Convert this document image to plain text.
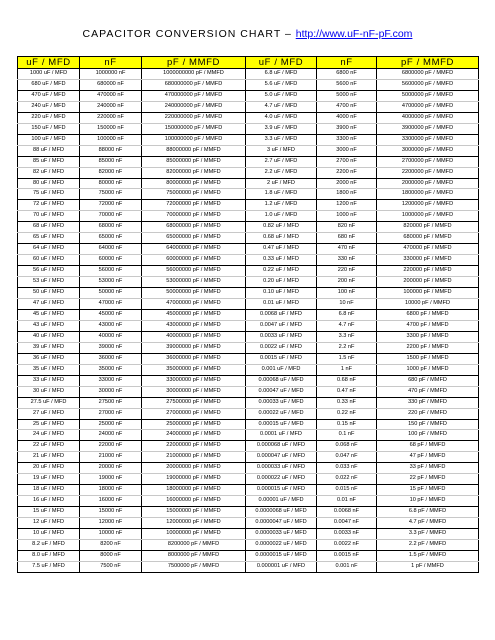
CAPACITOR CONVERSION CHART – http://www.uF-nF-pF.com
uF / MFD	nF	pF / MMFD	uF / MFD	nF	pF / MMFD
1000 uF / MFD	1000000 nF	1000000000 pF / MMFD	6.8 uF / MFD	6800 nF	6800000 pF / MMFD
680 uF / MFD	680000 nF	680000000 pF / MMFD	5.6 uF / MFD	5600 nF	5600000 pF / MMFD
470 uF / MFD	470000 nF	470000000 pF / MMFD	5.0 uF / MFD	5000 nF	5000000 pF / MMFD
240 uF / MFD	240000 nF	240000000 pF / MMFD	4.7 uF / MFD	4700 nF	4700000 pF / MMFD
220 uF / MFD	220000 nF	220000000 pF / MMFD	4.0 uF / MFD	4000 nF	4000000 pF / MMFD
150 uF / MFD	150000 nF	150000000 pF / MMFD	3.9 uF / MFD	3900 nF	3900000 pF / MMFD
100 uF / MFD	100000 nF	100000000 pF / MMFD	3.3 uF / MFD	3300 nF	3300000 pF / MMFD
88 uF / MFD	88000 nF	88000000 pF / MMFD	3 uF / MFD	3000 nF	3000000 pF / MMFD
85 uF / MFD	85000 nF	85000000 pF / MMFD	2.7 uF / MFD	2700 nF	2700000 pF / MMFD
82 uF / MFD	82000 nF	82000000 pF / MMFD	2.2 uF / MFD	2200 nF	2200000 pF / MMFD
80 uF / MFD	80000 nF	80000000 pF / MMFD	2 uF / MFD	2000 nF	2000000 pF / MMFD
75 uF / MFD	75000 nF	75000000 pF / MMFD	1.8 uF / MFD	1800 nF	1800000 pF / MMFD
72 uF / MFD	72000 nF	72000000 pF / MMFD	1.2 uF / MFD	1200 nF	1200000 pF / MMFD
70 uF / MFD	70000 nF	70000000 pF / MMFD	1.0 uF / MFD	1000 nF	1000000 pF / MMFD
68 uF / MFD	68000 nF	68000000 pF / MMFD	0.82 uF / MFD	820 nF	820000 pF / MMFD
65 uF / MFD	65000 nF	65000000 pF / MMFD	0.68 uF / MFD	680 nF	680000 pF / MMFD
64 uF / MFD	64000 nF	64000000 pF / MMFD	0.47 uF / MFD	470 nF	470000 pF / MMFD
60 uF / MFD	60000 nF	60000000 pF / MMFD	0.33 uF / MFD	330 nF	330000 pF / MMFD
56 uF / MFD	56000 nF	56000000 pF / MMFD	0.22 uF / MFD	220 nF	220000 pF / MMFD
53 uF / MFD	53000 nF	53000000 pF / MMFD	0.20 uF / MFD	200 nF	200000 pF / MMFD
50 uF / MFD	50000 nF	50000000 pF / MMFD	0.10 uF / MFD	100 nF	100000 pF / MMFD
47 uF / MFD	47000 nF	47000000 pF / MMFD	0.01 uF / MFD	10 nF	10000 pF / MMFD
45 uF / MFD	45000 nF	45000000 pF / MMFD	0.0068 uF / MFD	6.8 nF	6800 pF / MMFD
43 uF / MFD	43000 nF	43000000 pF / MMFD	0.0047 uF / MFD	4.7 nF	4700 pF / MMFD
40 uF / MFD	40000 nF	40000000 pF / MMFD	0.0033 uF / MFD	3.3 nF	3300 pF / MMFD
39 uF / MFD	39000 nF	39000000 pF / MMFD	0.0022 uF / MFD	2.2 nF	2200 pF / MMFD
36 uF / MFD	36000 nF	36000000 pF / MMFD	0.0015 uF / MFD	1.5 nF	1500 pF / MMFD
35 uF / MFD	35000 nF	35000000 pF / MMFD	0.001 uF / MFD	1 nF	1000 pF / MMFD
33 uF / MFD	33000 nF	33000000 pF / MMFD	0.00068 uF / MFD	0.68 nF	680 pF / MMFD
30 uF / MFD	30000 nF	30000000 pF / MMFD	0.00047 uF / MFD	0.47 nF	470 pF / MMFD
27.5 uF / MFD	27500 nF	27500000 pF / MMFD	0.00033 uF / MFD	0.33 nF	330 pF / MMFD
27 uF / MFD	27000 nF	27000000 pF / MMFD	0.00022 uF / MFD	0.22 nF	220 pF / MMFD
25 uF / MFD	25000 nF	25000000 pF / MMFD	0.00015 uF / MFD	0.15 nF	150 pF / MMFD
24 uF / MFD	24000 nF	24000000 pF / MMFD	0.0001 uF / MFD	0.1 nF	100 pF / MMFD
22 uF / MFD	22000 nF	22000000 pF / MMFD	0.000068 uF / MFD	0.068 nF	68 pF / MMFD
21 uF / MFD	21000 nF	21000000 pF / MMFD	0.000047 uF / MFD	0.047 nF	47 pF / MMFD
20 uF / MFD	20000 nF	20000000 pF / MMFD	0.000033 uF / MFD	0.033 nF	33 pF / MMFD
19 uF / MFD	19000 nF	19000000 pF / MMFD	0.000022 uF / MFD	0.022 nF	22 pF / MMFD
18 uF / MFD	18000 nF	18000000 pF / MMFD	0.000015 uF / MFD	0.015 nF	15 pF / MMFD
16 uF / MFD	16000 nF	16000000 pF / MMFD	0.00001 uF / MFD	0.01 nF	10 pF / MMFD
15 uF / MFD	15000 nF	15000000 pF / MMFD	0.0000068 uF / MFD	0.0068 nF	6.8 pF / MMFD
12 uF / MFD	12000 nF	12000000 pF / MMFD	0.0000047 uF / MFD	0.0047 nF	4.7 pF / MMFD
10 uF / MFD	10000 nF	10000000 pF / MMFD	0.0000033 uF / MFD	0.0033 nF	3.3 pF / MMFD
8.2 uF / MFD	8200 nF	8200000 pF / MMFD	0.0000022 uF / MFD	0.0022 nF	2.2 pF / MMFD
8.0 uF / MFD	8000 nF	8000000 pF / MMFD	0.0000015 uF / MFD	0.0015 nF	1.5 pF / MMFD
7.5 uF / MFD	7500 nF	7500000 pF / MMFD	0.000001 uF / MFD	0.001 nF	1 pF / MMFD
